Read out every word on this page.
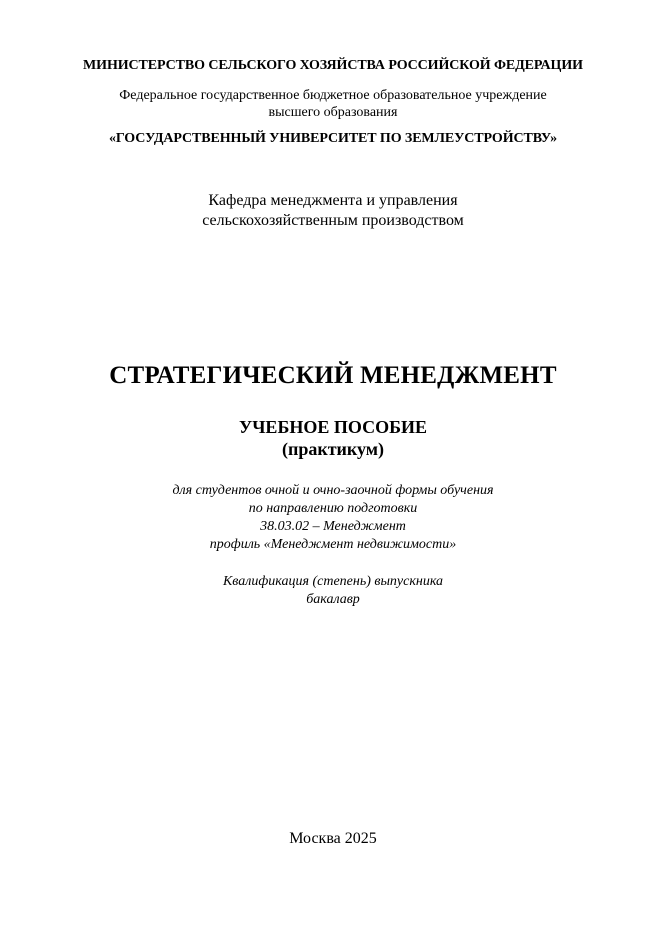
МИНИСТЕРСТВО СЕЛЬСКОГО ХОЗЯЙСТВА РОССИЙСКОЙ ФЕДЕРАЦИИ
Федеральное государственное бюджетное образовательное учреждение
высшего образования
«ГОСУДАРСТВЕННЫЙ УНИВЕРСИТЕТ ПО ЗЕМЛЕУСТРОЙСТВУ»
Кафедра менеджмента и управления
сельскохозяйственным производством
СТРАТЕГИЧЕСКИЙ МЕНЕДЖМЕНТ
УЧЕБНОЕ ПОСОБИЕ
(практикум)
для студентов очной и очно-заочной формы обучения
по направлению подготовки
38.03.02 – Менеджмент
профиль «Менеджмент недвижимости»
Квалификация (степень) выпускника
бакалавр
Москва 2025
